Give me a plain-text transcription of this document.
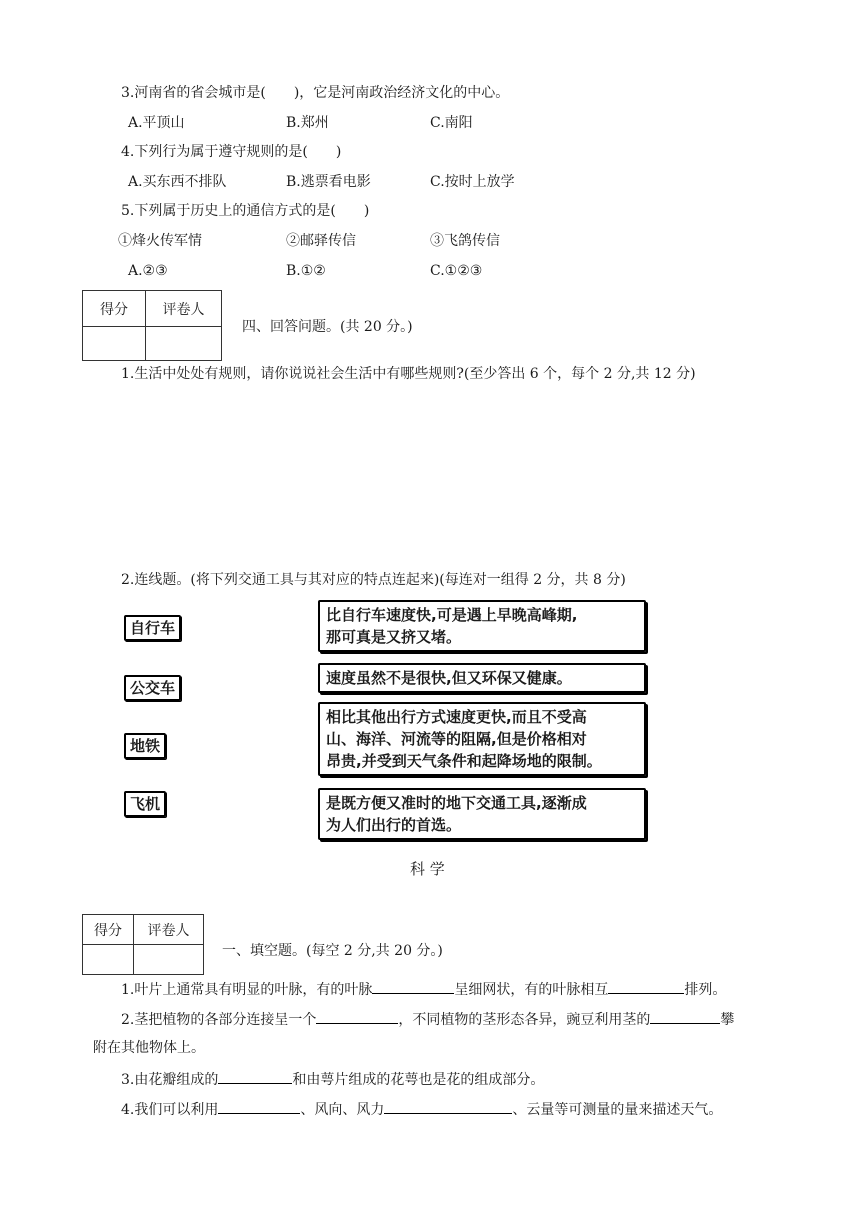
3.河南省的省会城市是(　　)，它是河南政治经济文化的中心。
A.平顶山	B.郑州	C.南阳
4.下列行为属于遵守规则的是(　　)
A.买东西不排队	B.逃票看电影	C.按时上放学
5.下列属于历史上的通信方式的是(　　)
①烽火传军情	②邮驿传信	③飞鸽传信
A.②③	B.①②	C.①②③
得分	评卷人

四、回答问题。(共 20 分。)
1.生活中处处有规则，请你说说社会生活中有哪些规则?(至少答出 6 个，每个 2 分,共 12 分)
2.连线题。(将下列交通工具与其对应的特点连起来)(每连对一组得 2 分，共 8 分)
自行车
公交车
地铁
飞机
比自行车速度快,可是遇上早晚高峰期,
那可真是又挤又堵。
速度虽然不是很快,但又环保又健康。
相比其他出行方式速度更快,而且不受高
山、海洋、河流等的阻隔,但是价格相对
昂贵,并受到天气条件和起降场地的限制。
是既方便又准时的地下交通工具,逐渐成
为人们出行的首选。
科 学
得分	评卷人

一、填空题。(每空 2 分,共 20 分。)
1.叶片上通常具有明显的叶脉，有的叶脉	呈细网状，有的叶脉相互	排列。
2.茎把植物的各部分连接呈一个	，不同植物的茎形态各异，豌豆利用茎的	攀
附在其他物体上。
3.由花瓣组成的	和由萼片组成的花萼也是花的组成部分。
4.我们可以利用	、风向、风力	、云量等可测量的量来描述天气。
